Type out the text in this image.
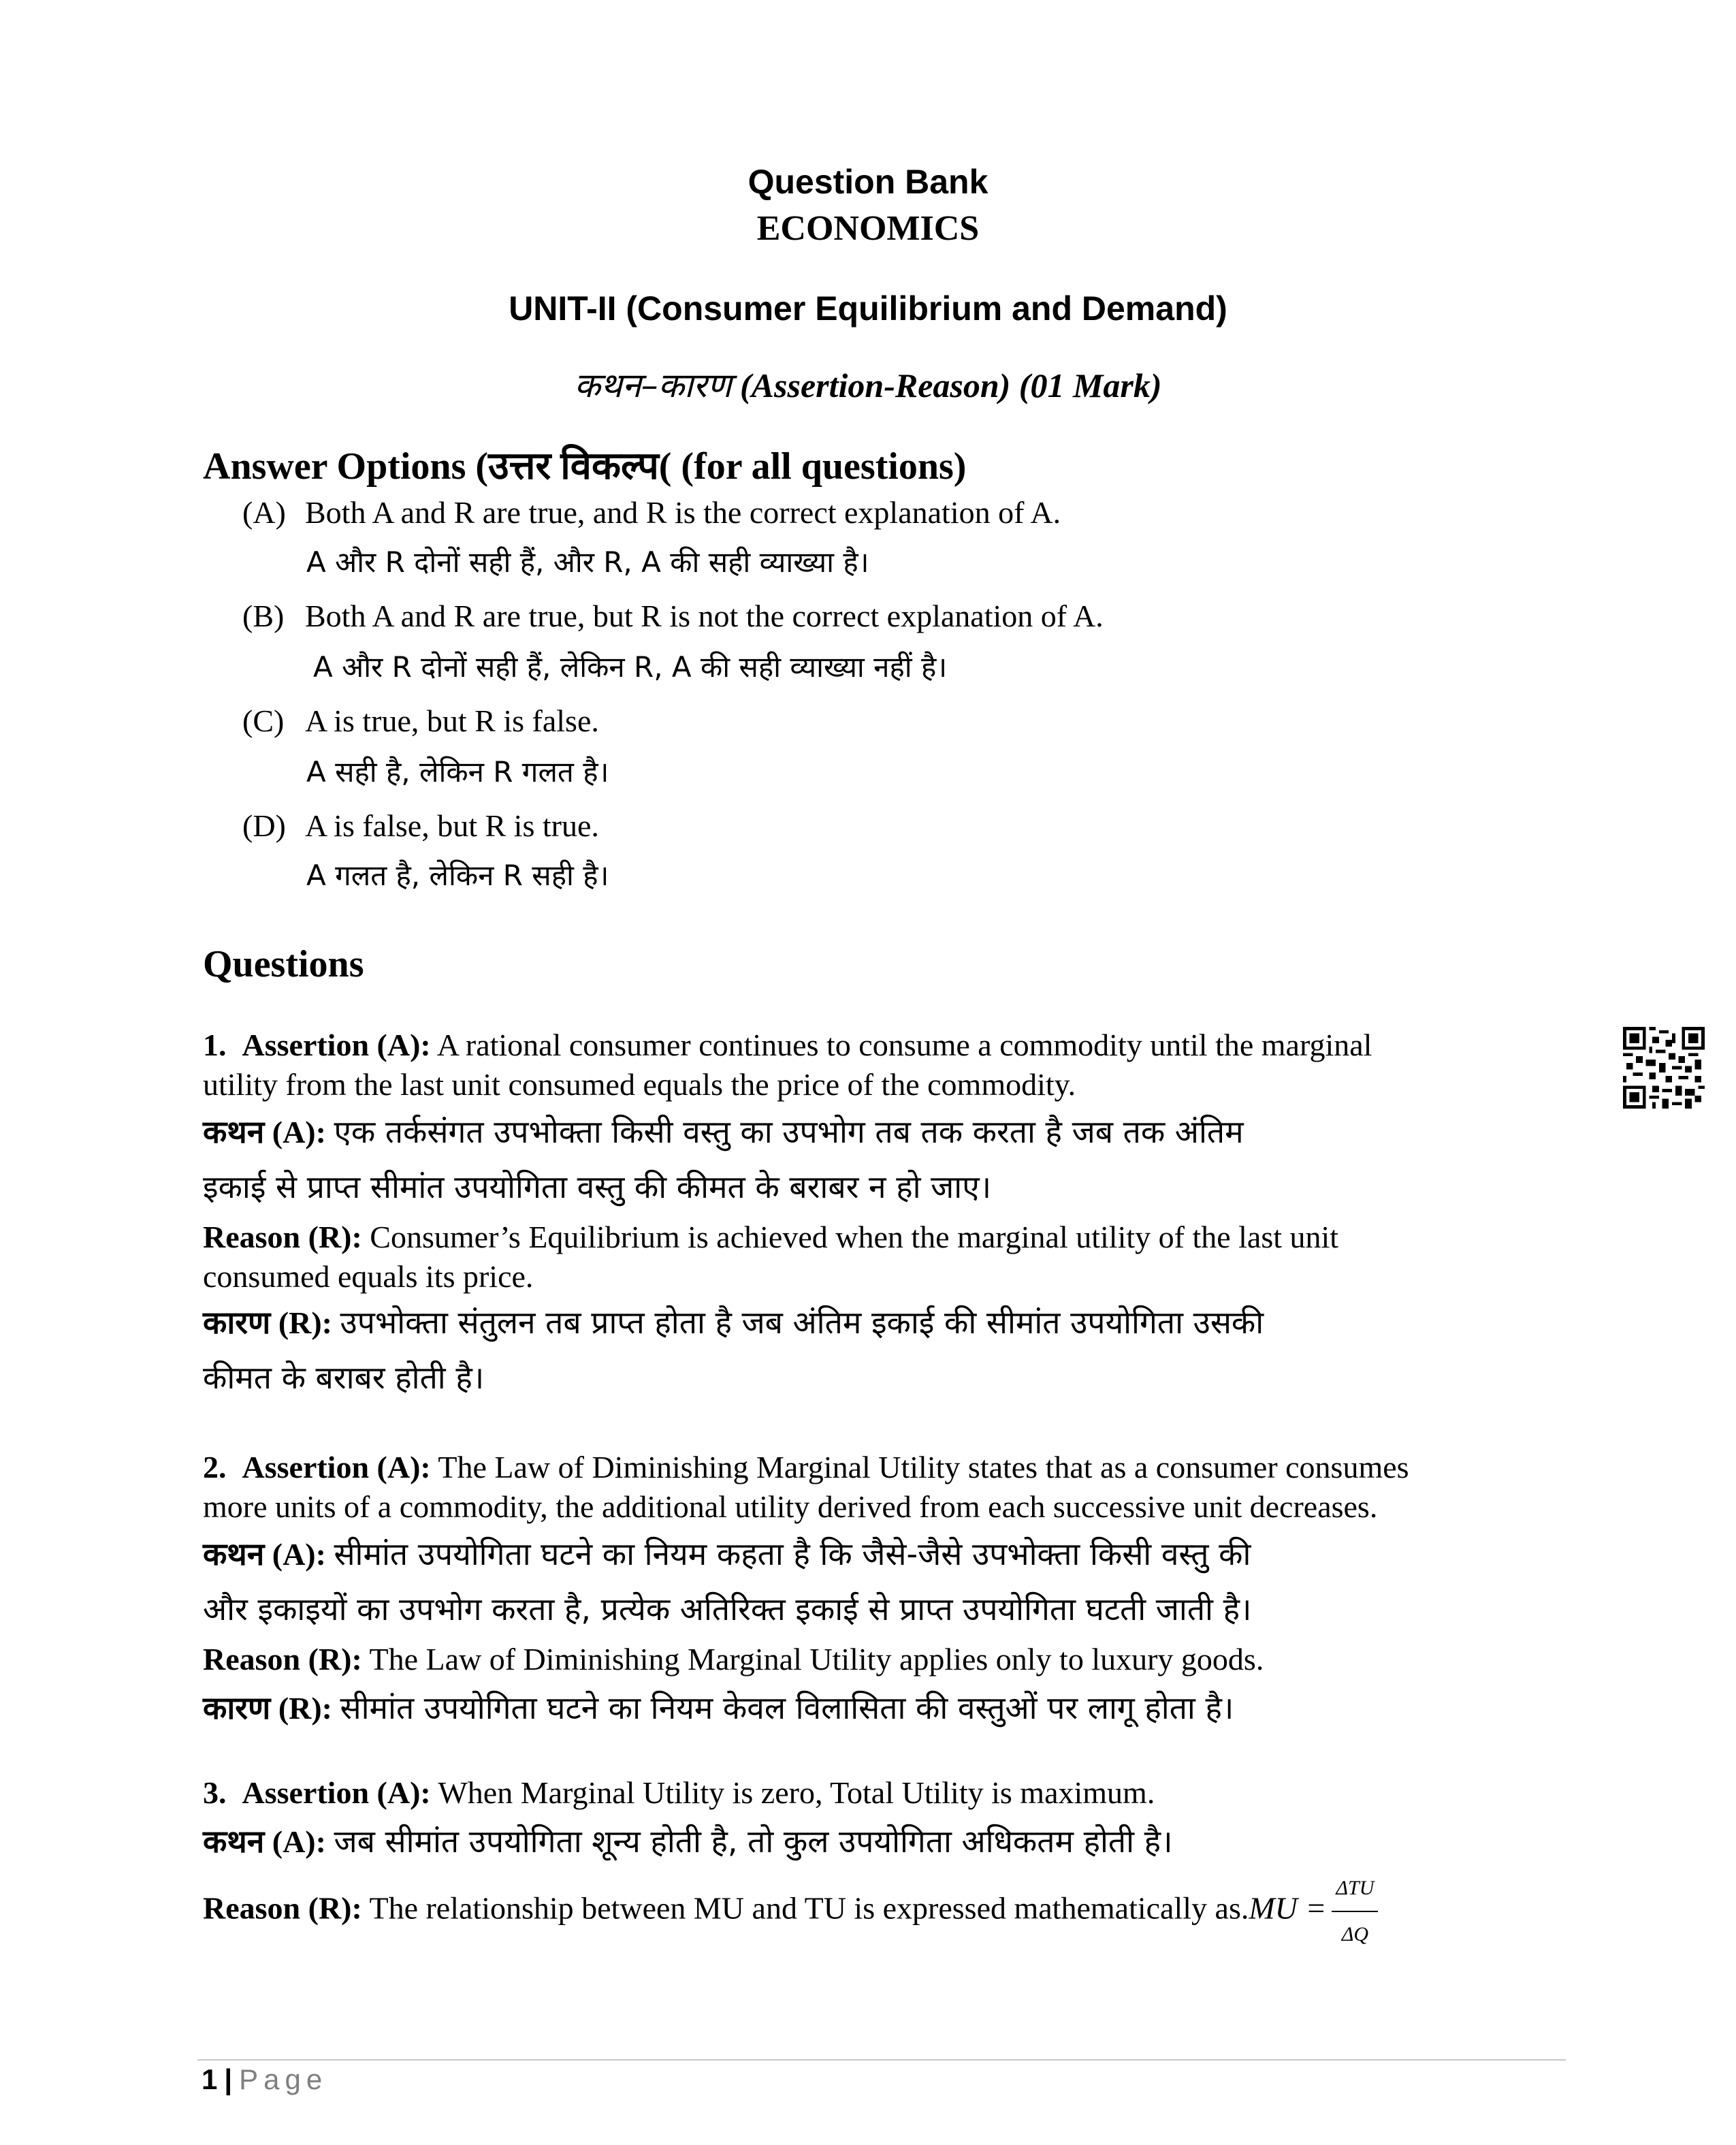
Question Bank
ECONOMICS
UNIT-II (Consumer Equilibrium and Demand)
कथन–कारण (Assertion-Reason) (01 Mark)
Answer Options (उत्तर विकल्प( (for all questions)
(A) Both A and R are true, and R is the correct explanation of A.
A और R दोनों सही हैं, और R, A की सही व्याख्या है।
(B) Both A and R are true, but R is not the correct explanation of A.
A और R दोनों सही हैं, लेकिन R, A की सही व्याख्या नहीं है।
(C) A is true, but R is false.
A सही है, लेकिन R गलत है।
(D) A is false, but R is true.
A गलत है, लेकिन R सही है।
Questions
1. Assertion (A): A rational consumer continues to consume a commodity until the marginal
utility from the last unit consumed equals the price of the commodity.
कथन (A): एक तर्कसंगत उपभोक्ता किसी वस्तु का उपभोग तब तक करता है जब तक अंतिम
इकाई से प्राप्त सीमांत उपयोगिता वस्तु की कीमत के बराबर न हो जाए।
Reason (R): Consumer’s Equilibrium is achieved when the marginal utility of the last unit
consumed equals its price.
कारण (R): उपभोक्ता संतुलन तब प्राप्त होता है जब अंतिम इकाई की सीमांत उपयोगिता उसकी
कीमत के बराबर होती है।
2. Assertion (A): The Law of Diminishing Marginal Utility states that as a consumer consumes
more units of a commodity, the additional utility derived from each successive unit decreases.
कथन (A): सीमांत उपयोगिता घटने का नियम कहता है कि जैसे-जैसे उपभोक्ता किसी वस्तु की
और इकाइयों का उपभोग करता है, प्रत्येक अतिरिक्त इकाई से प्राप्त उपयोगिता घटती जाती है।
Reason (R): The Law of Diminishing Marginal Utility applies only to luxury goods.
कारण (R): सीमांत उपयोगिता घटने का नियम केवल विलासिता की वस्तुओं पर लागू होता है।
3. Assertion (A): When Marginal Utility is zero, Total Utility is maximum.
कथन (A): जब सीमांत उपयोगिता शून्य होती है, तो कुल उपयोगिता अधिकतम होती है।
Reason (R): The relationship between MU and TU is expressed mathematically $as.MU = \frac{\text{ΔTU}}{\Delta Q}$
1 | Page
